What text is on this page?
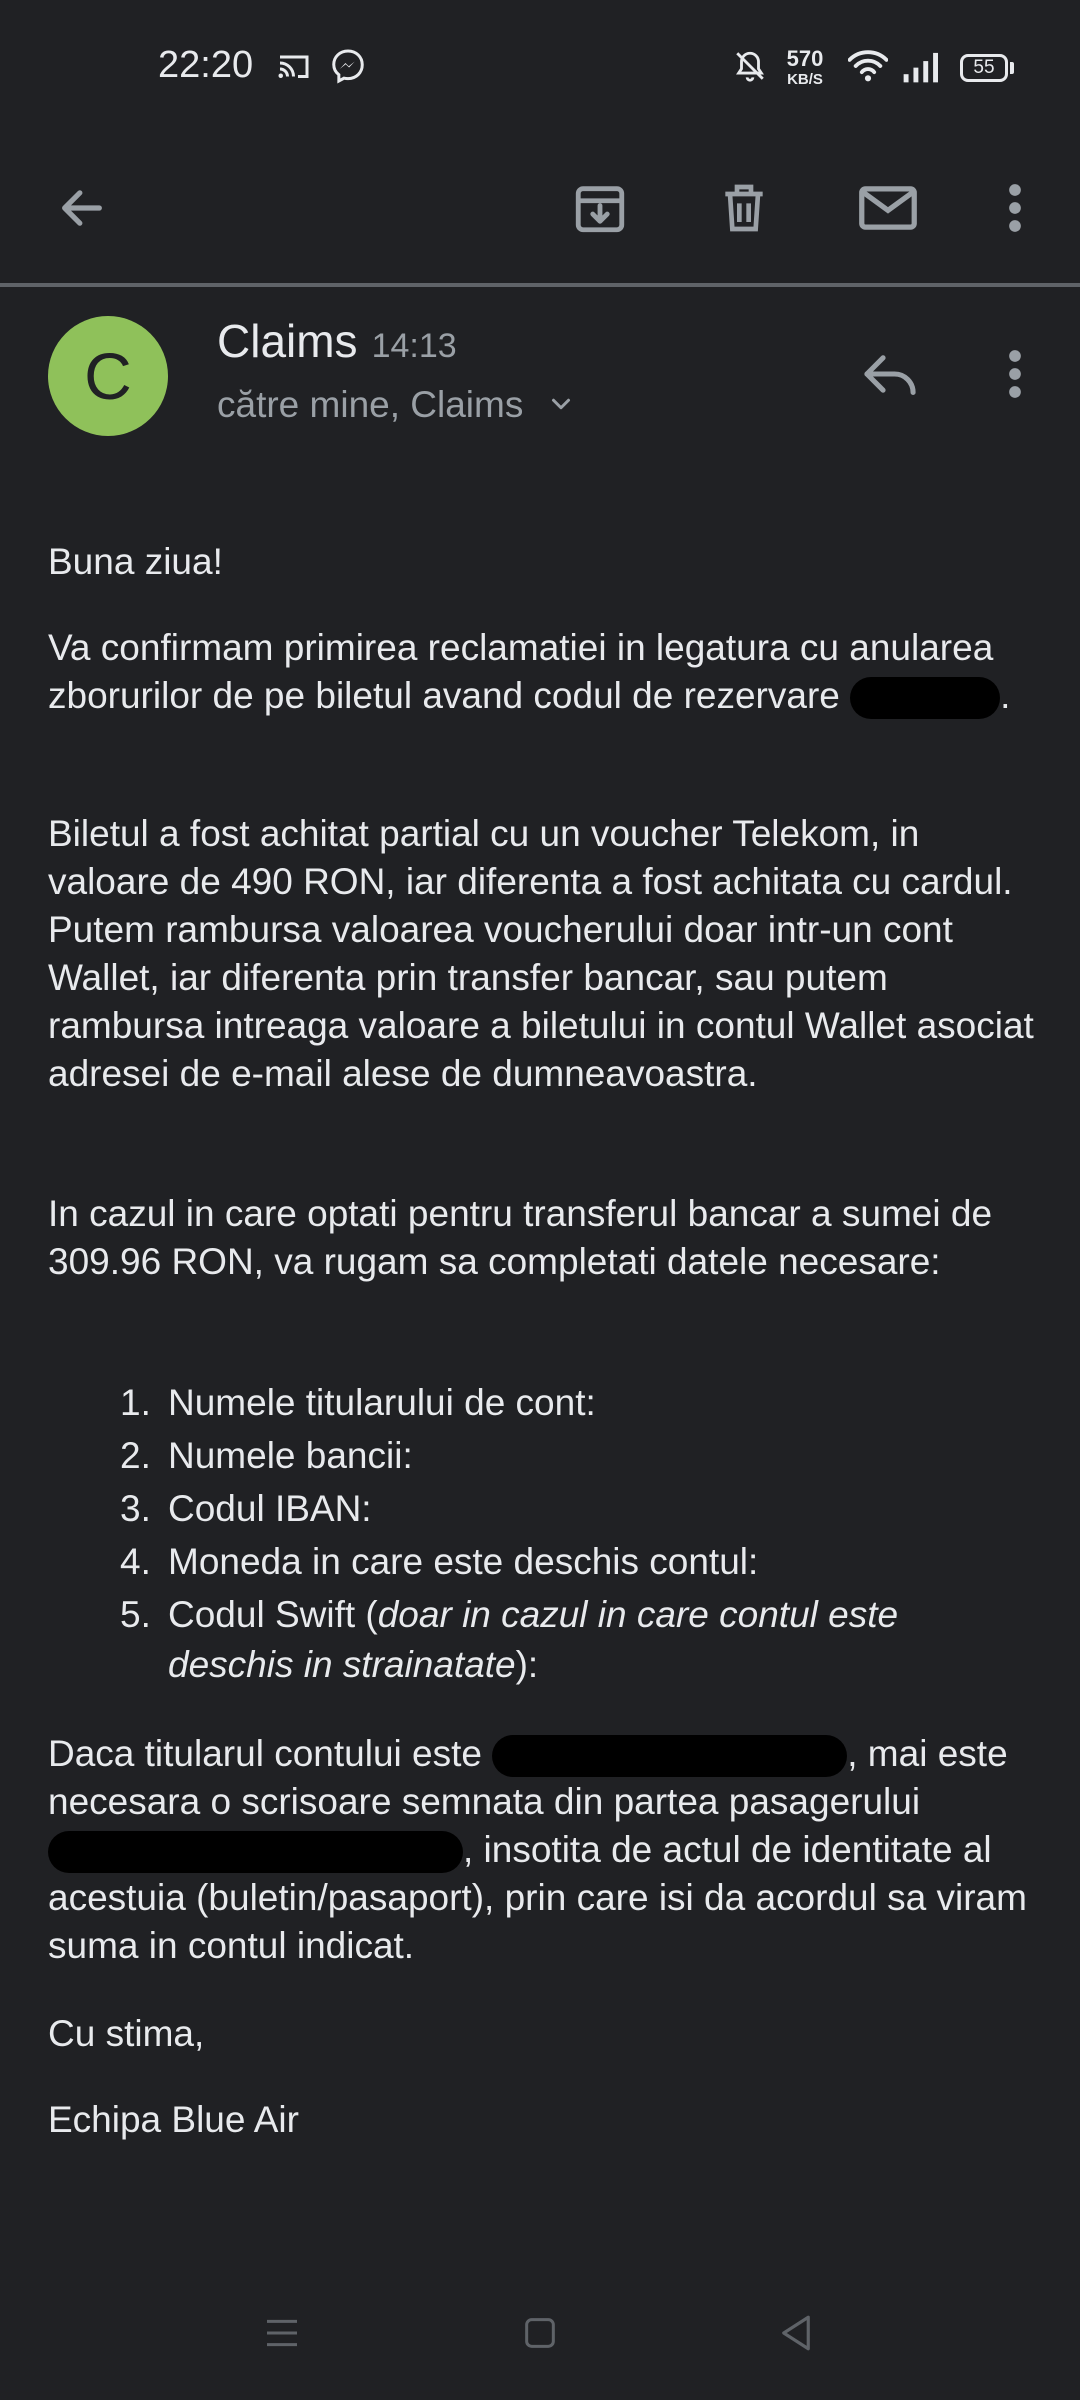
22:20	570
KB/S
55
C	Claims 14:13
către mine, Claims

Buna ziua!

Va confirmam primirea reclamatiei in legatura cu anularea zborurilor de pe biletul avand codul de rezervare	.

Biletul a fost achitat partial cu un voucher Telekom, in valoare de 490 RON, iar diferenta a fost achitata cu cardul. Putem rambursa valoarea voucherului doar intr-un cont Wallet, iar diferenta prin transfer bancar, sau putem rambursa intreaga valoare a biletului in contul Wallet asociat adresei de e-mail alese de dumneavoastra.

In cazul in care optati pentru transferul bancar a sumei de 309.96 RON, va rugam sa completati datele necesare:

1. Numele titularului de cont:
2. Numele bancii:
3. Codul IBAN:
4. Moneda in care este deschis contul:
5. Codul Swift (doar in cazul in care contul este deschis in strainatate):

Daca titularul contului este	, mai este necesara o scrisoare semnata din partea pasagerului , insotita de actul de identitate al acestuia (buletin/pasaport), prin care isi da acordul sa viram suma in contul indicat.

Cu stima,

Echipa Blue Air
